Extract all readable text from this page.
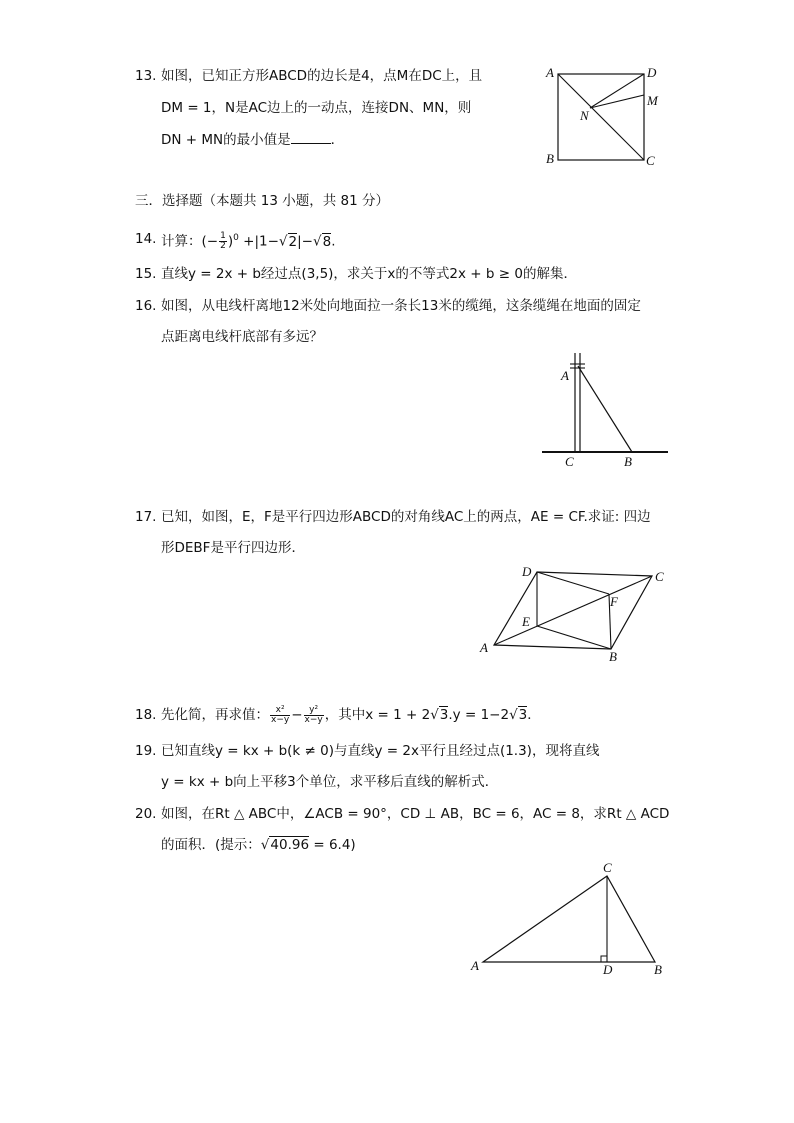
13. 如图，已知正方形ABCD的边长是4，点M在DC上，且
DM = 1，N是AC边上的一动点，连接DN、MN，则
DN + MN的最小值是	．
A	D
M
N
B	C
三．选择题（本题共 13 小题，共 81 分）
14. 计算：(− $\frac{1}{2} )^0 +|1-√2|-√8$.
15. 直线y = 2x + b经过点(3,5)，求关于x的不等式2x + b ≥ 0的解集．
16. 如图，从电线杆离地12米处向地面拉一条长13米的缆绳，这条缆绳在地面的固定
点距离电线杆底部有多远？
A
C	B
17. 已知，如图，E，F是平行四边形ABCD的对角线AC上的两点，AE = CF.求证: 四边
形DEBF是平行四边形．
D	C
F
E
A
B
18. 先化简，再求值： $\frac{\text{x²}}{x-y} - \frac{\text{y²}}{x-y}$ ，其中x = 1 + 2√3.y = 1−2√3．
19. 已知直线y = kx + b(k ≠ 0)与直线y = 2x平行且经过点(1.3)，现将直线
y = kx + b向上平移3个单位，求平移后直线的解析式．
20. 如图，在Rt △ ABC中，∠ACB = 90°，CD ⊥ AB，BC = 6，AC = 8，求Rt △ ACD
的面积．(提示：√40.96 = 6.4)
C
A	D	B
